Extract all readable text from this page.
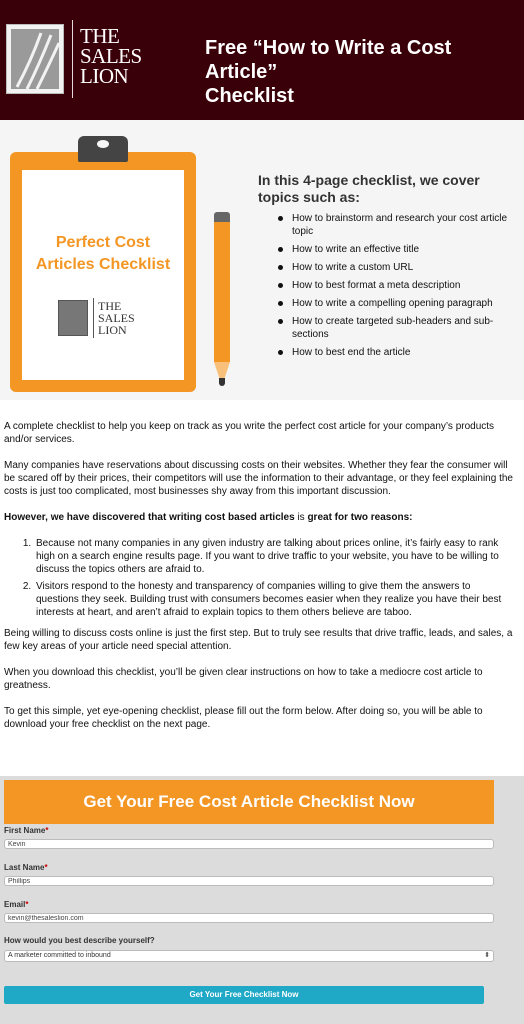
THE
SALES
LION
Free “How to Write a Cost Article”
Checklist
Perfect Cost
Articles Checklist
THE
SALES
LION
In this 4-page checklist, we cover topics such as:
How to brainstorm and research your cost article topic
How to write an effective title
How to write a custom URL
How to best format a meta description
How to write a compelling opening paragraph
How to create targeted sub-headers and sub-sections
How to best end the article

A complete checklist to help you keep on track as you write the perfect cost article for your company’s products and/or services.

Many companies have reservations about discussing costs on their websites. Whether they fear the consumer will be scared off by their prices, their competitors will use the information to their advantage, or they feel explaining the costs is just too complicated, most businesses shy away from this important discussion.

However, we have discovered that writing cost based articles is great for two reasons:

1. Because not many companies in any given industry are talking about prices online, it’s fairly easy to rank high on a search engine results page. If you want to drive traffic to your website, you have to be willing to discuss the topics others are afraid to.
2. Visitors respond to the honesty and transparency of companies willing to give them the answers to questions they seek. Building trust with consumers becomes easier when they realize you have their best interests at heart, and aren’t afraid to explain topics to them others believe are taboo.

Being willing to discuss costs online is just the first step. But to truly see results that drive traffic, leads, and sales, a few key areas of your article need special attention.

When you download this checklist, you’ll be given clear instructions on how to take a mediocre cost article to greatness.

To get this simple, yet eye-opening checklist, please fill out the form below. After doing so, you will be able to download your free checklist on the next page.

Get Your Free Cost Article Checklist Now
First Name*
Kevin
Last Name*
Phillips
Email*
kevin@thesaleslion.com
How would you best describe yourself?
A marketer committed to inbound	⬍
Get Your Free Checklist Now
